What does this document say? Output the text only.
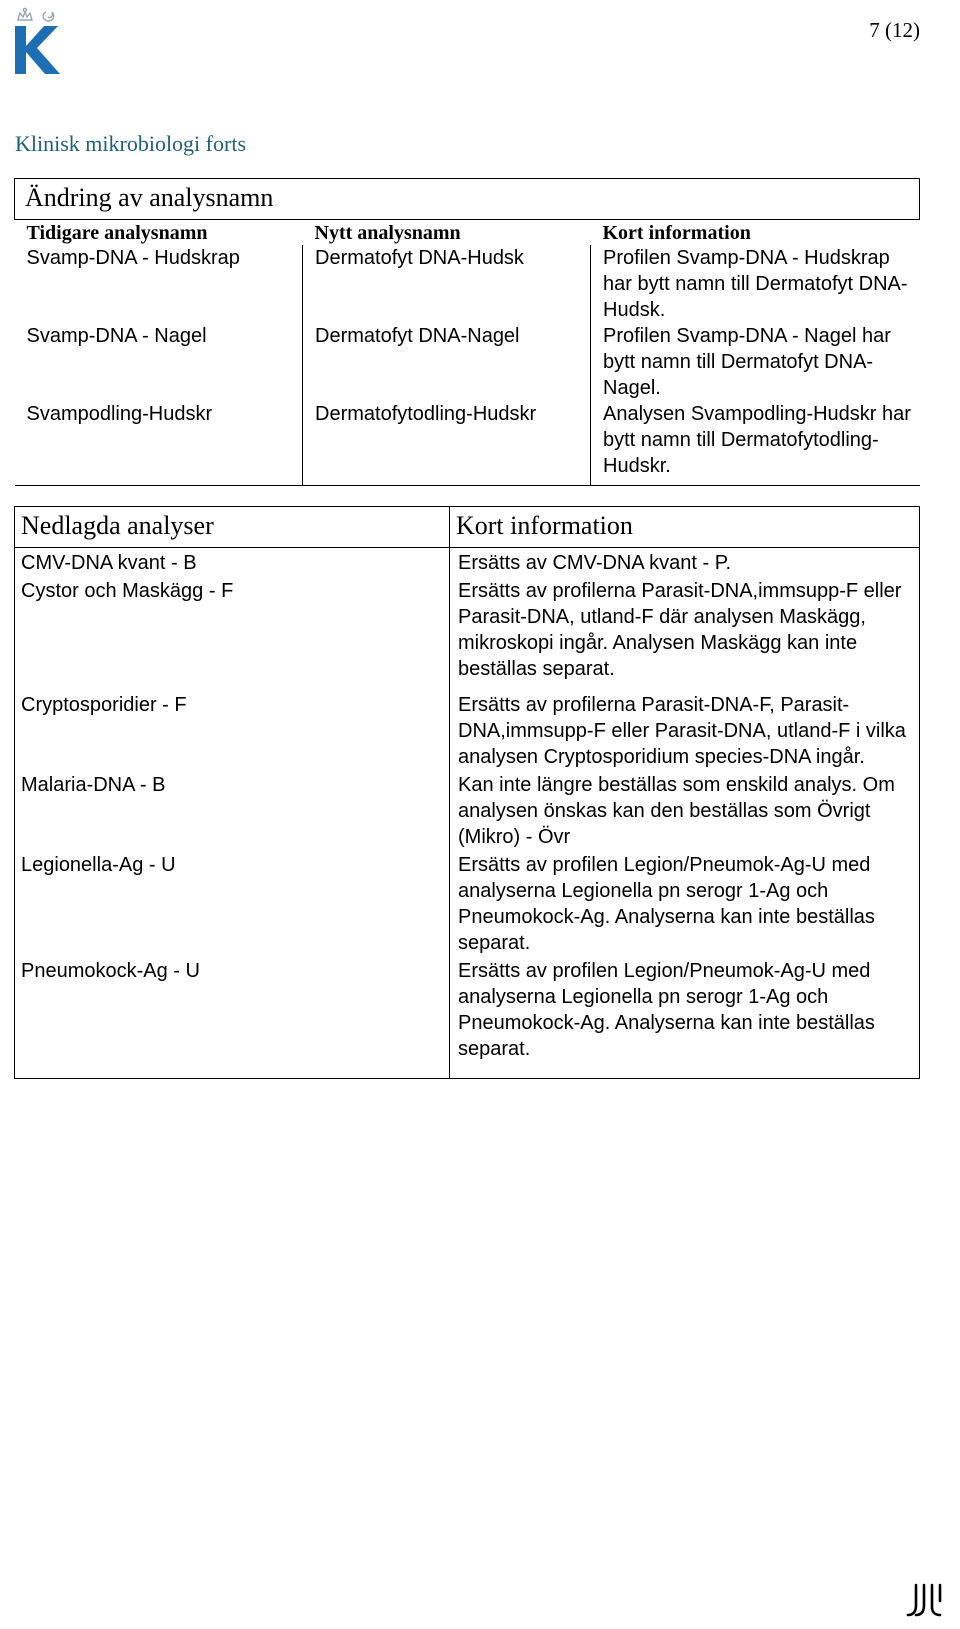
7 (12)
Klinisk mikrobiologi forts
Ändring av analysnamn		
Tidigare analysnamn	Nytt analysnamn	Kort information
Svamp-DNA - Hudskrap	Dermatofyt DNA-Hudsk	Profilen Svamp-DNA - Hudskrap har bytt namn till Dermatofyt DNA-Hudsk.
Svamp-DNA - Nagel	Dermatofyt DNA-Nagel	Profilen Svamp-DNA - Nagel har bytt namn till Dermatofyt DNA-Nagel.
Svampodling-Hudskr	Dermatofytodling-Hudskr	Analysen Svampodling-Hudskr har bytt namn till Dermatofytodling-Hudskr.
Nedlagda analyser	Kort information
CMV-DNA kvant - B	Ersätts av CMV-DNA kvant - P.
Cystor och Maskägg - F	Ersätts av profilerna Parasit-DNA,immsupp-F eller Parasit-DNA, utland-F där analysen Maskägg, mikroskopi ingår. Analysen Maskägg kan inte beställas separat.
Cryptosporidier - F	Ersätts av profilerna Parasit-DNA-F, Parasit-DNA,immsupp-F eller Parasit-DNA, utland-F i vilka analysen Cryptosporidium species-DNA ingår.
Malaria-DNA - B	Kan inte längre beställas som enskild analys. Om analysen önskas kan den beställas som Övrigt (Mikro) - Övr
Legionella-Ag - U	Ersätts av profilen Legion/Pneumok-Ag-U med analyserna Legionella pn serogr 1-Ag och Pneumokock-Ag. Analyserna kan inte beställas separat.
Pneumokock-Ag - U	Ersätts av profilen Legion/Pneumok-Ag-U med analyserna Legionella pn serogr 1-Ag och Pneumokock-Ag. Analyserna kan inte beställas separat.
